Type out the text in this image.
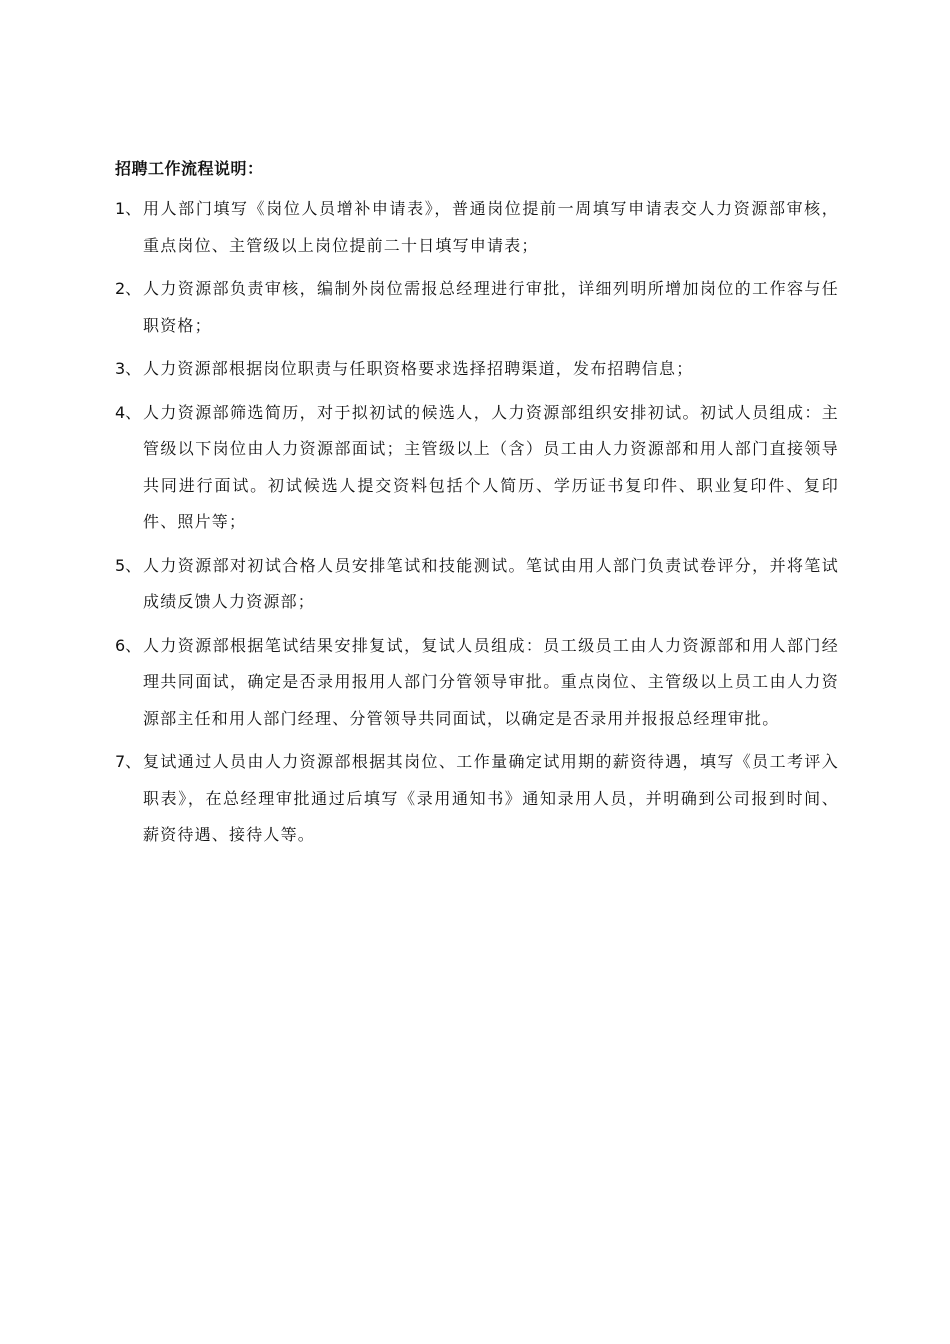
招聘工作流程说明：
1、 用人部门填写《岗位人员增补申请表》，普通岗位提前一周填写申请表交人力资源部审核，重点岗位、主管级以上岗位提前二十日填写申请表；
2、 人力资源部负责审核，编制外岗位需报总经理进行审批，详细列明所增加岗位的工作容与任职资格；
3、 人力资源部根据岗位职责与任职资格要求选择招聘渠道，发布招聘信息；
4、 人力资源部筛选简历，对于拟初试的候选人，人力资源部组织安排初试。初试人员组成：主管级以下岗位由人力资源部面试；主管级以上（含）员工由人力资源部和用人部门直接领导共同进行面试。初试候选人提交资料包括个人简历、学历证书复印件、职业复印件、复印件、照片等；
5、 人力资源部对初试合格人员安排笔试和技能测试。笔试由用人部门负责试卷评分，并将笔试成绩反馈人力资源部；
6、 人力资源部根据笔试结果安排复试，复试人员组成：员工级员工由人力资源部和用人部门经理共同面试，确定是否录用报用人部门分管领导审批。重点岗位、主管级以上员工由人力资源部主任和用人部门经理、分管领导共同面试，以确定是否录用并报报总经理审批。
7、 复试通过人员由人力资源部根据其岗位、工作量确定试用期的薪资待遇，填写《员工考评入职表》，在总经理审批通过后填写《录用通知书》通知录用人员，并明确到公司报到时间、薪资待遇、接待人等。
